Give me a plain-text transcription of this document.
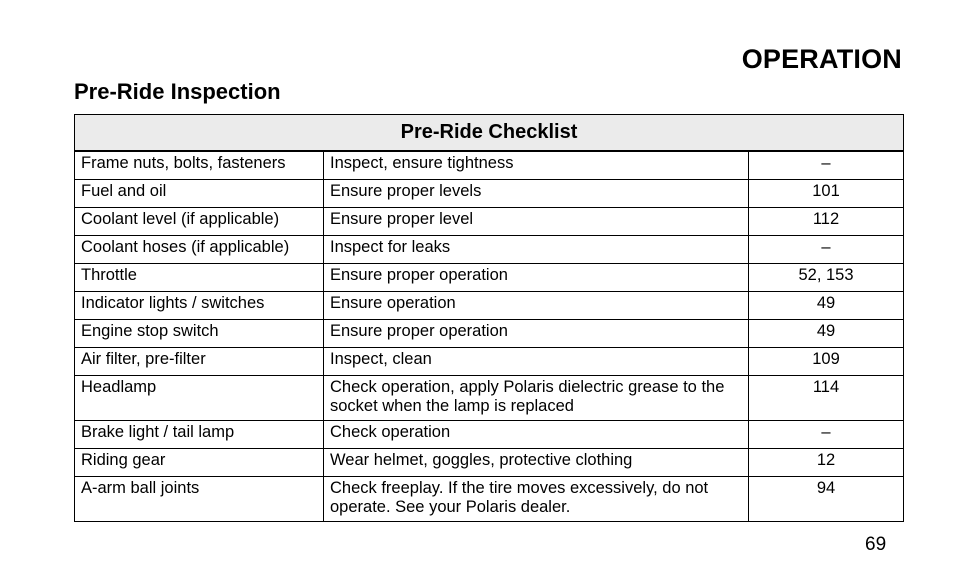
OPERATION
Pre-Ride Inspection
Pre-Ride Checklist		
Frame nuts, bolts, fasteners	Inspect, ensure tightness	–
Fuel and oil	Ensure proper levels	101
Coolant level (if applicable)	Ensure proper level	112
Coolant hoses (if applicable)	Inspect for leaks	–
Throttle	Ensure proper operation	52, 153
Indicator lights / switches	Ensure operation	49
Engine stop switch	Ensure proper operation	49
Air filter, pre-filter	Inspect, clean	109
Headlamp	Check operation, apply Polaris dielectric grease to the socket when the lamp is replaced	114
Brake light / tail lamp	Check operation	–
Riding gear	Wear helmet, goggles, protective clothing	12
A-arm ball joints	Check freeplay. If the tire moves excessively, do not operate. See your Polaris dealer.	94
69
